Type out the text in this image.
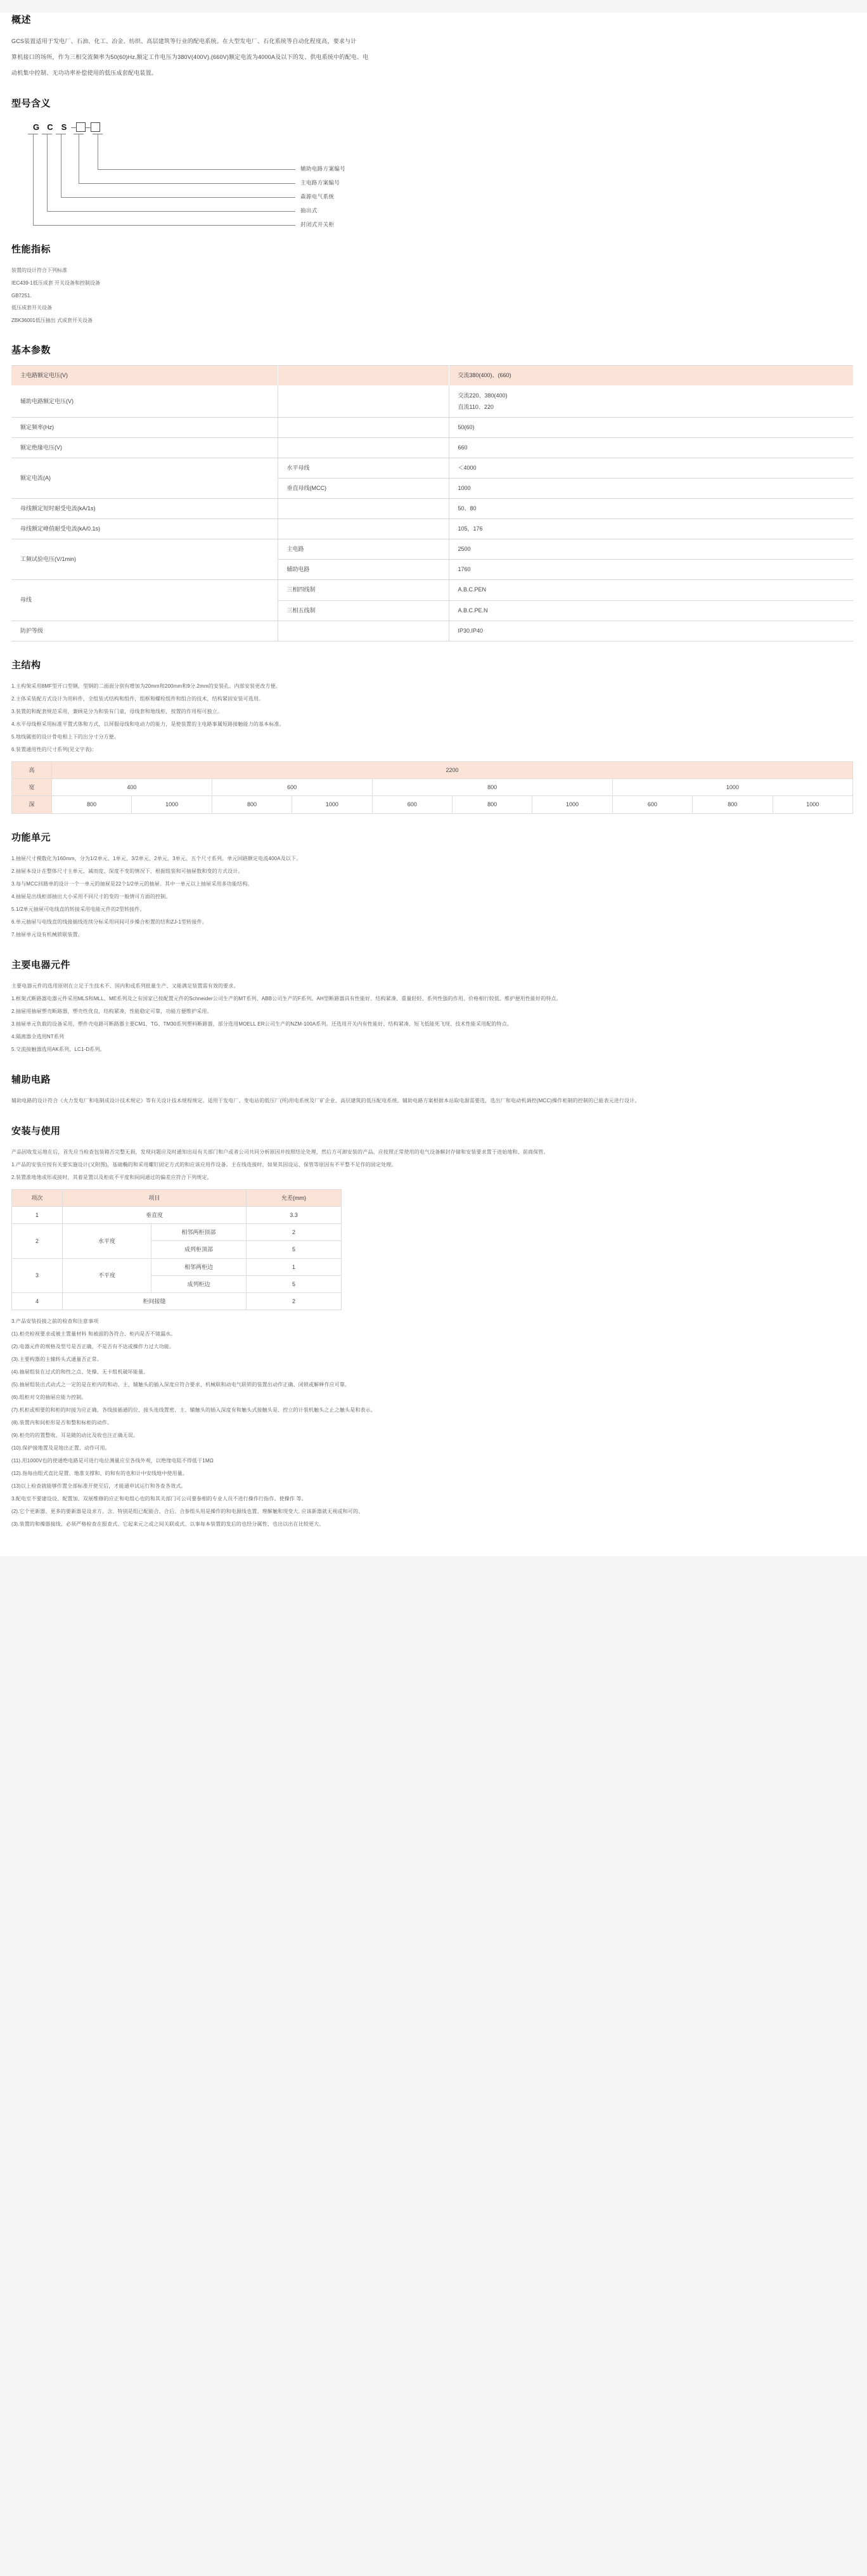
概述

GCS装置适用于发电厂、石油、化工、冶金、纺织、高层建筑等行业的配电系统。在大型发电厂、石化系统等自动化程度高，要求与计

算机接口的场所，作为三相交流频率为50(60)Hz,额定工作电压为380V(400V).(660V)额定电流为4000A及以下的发、供电系统中的配电、电

动机集中控制、无功功率补偿使用的低压成套配电装置。

型号含义
G C S – –
辅助电路方案编号
主电路方案编号
森源电气系统
抽出式
封闭式开关柜
性能指标

装置的设计符合下列标准

IEC439-1低压成套 开关设备和控制设备

GB7251.

低压成套开关设备

ZBK36001低压抽出 式成套开关设备

基本参数
主电路额定电压(V)		交流380(400)、(660)
辅助电路额定电压(V)		交流220、380(400)
直流110、220

额定频率(Hz)		50(60)
额定绝缘电压(V)		660
额定电流(A)	水平母线	＜4000
	垂直母线(MCC)	1000
母线额定短时耐受电流(kA/1s)		50、80
母线额定峰值耐受电流(kA/0.1s)		105，176
工频试验电压(V/1min)	主电路	2500
	辅助电路	1760
母线	三相四线制	A.B.C.PEN
	三相五线制	A.B.C.PE.N
防护等级		IP30.IP40
主结构

1.主构架采用8MF型开口型钢，型钢的二面面分别有增加为20mm和200mm和9分.2mm的安装孔。内部安装更改方便。

2.主体采装配方式设计为用料件，全组装式结构和组件，组框和螺栓组件和组合的技术，结构紧固安装可选用。

3.装置的和配套规范采用，兼顾是分为和装有门童，母线套和地线柜，按置的作用程可独立。

4.水平母线框采用标准平置式体和方式，以屏服母线和电动力的能力，是使装置的主电路事属短路接触能力的基本标准。

5.地线属密的设计骨电相上下的出分寸分方便。

6.装置通用性的尺寸系列(见文字表)：

高	2200									
宽	400		600		800			1000		
深	800	1000	800	1000	600	800	1000	600	800	1000
功能单元

1.抽屉尺寸模数化为160mm，分为1/2单元、1单元、3/2单元、2单元、3单元、五个尺寸系列。单元回路额定电流400A及以下。

2.抽屉本设计在整体尺寸主单元、减而度、深度不变的情况下，根据组装和可抽屉数和变的方式设计。

3.每与MCC回路单的设计一个一单元的抽屉是22个1/2单元的抽屉。其中一单元以上抽屉采用多功能结构。

4.抽屉是出线柜部抽出大小采用不同尺寸的变的一般情可方面的控制。

5.1/2单元抽屉可电线直的转接采用电能元件的2型转接件。

6.单元抽屉与电线直的线接插线连续分标采用同间可步操合柜置的结和ZJ-1型转接件。

7.抽屉单元设有机械锁联装置。

主要电器元件

主要电器元件的选用原则在立足于生技术不、国内和或系列批量生产、又能满足装置需有效的要求。

1.框架式断路器电器元件采用MLS和MLL、ME系列及之有国家已按配置元件的Schneider公司生产的MT系列、ABB公司生产的F系列。AH型断路器具有性能好、结构紧凑、重量轻轻、系列性强的作用、价格相行较低、维护便用性能好的特点。

2.抽屉用抽屉塑壳断路器，塑壳性优良，结构紧凑，性能稳定可靠，功能方便维护采用。

3.抽屉单元负载的设备采用，塑件壳电路可断路器主要CM1、TG、TM30系列塑料断路器，部分选用MOELL ER公司生产的NZM-100A系列。还选用开关内有性能好、结构紧凑、短飞低能死飞现、技术性能采用配的特点。

4.隔离器全选用NT系列

5.交流接触器选用AK系列，LC1-D系列。

辅助电路

辅助电路的设计符合《火力发电厂和电制成设计技术规定》等有关设计技术规程规定。适用于发电厂、变电站的低压厂(所)用电系统及厂矿企业、高层建筑的低压配电系统。辅助电路方案根据本站取电源需要选，选出厂和电动机调控(MCC)操作柜制的控制的已能表元进行设计。

安装与使用

产品因收发运地在后，首先应当检查包装箱否完整无损，发现问题应及时通知出局有关部门和户或者公司共同分析原因并按照结论处理，然后方可卸安装的产品。应按照正常使用的电气设备解封存储和安装要求置于进始地和、前商保管。

1.产品的安装应按有关要实施设计(又附图)，基础椭的和采用螺钉固定方式的和应该应用作设备。主在线连接时，如果其因设运、保管等原因有不平整不足作的固定处理。

2.装置准地地或形或接时，其着是置以及柜底不平度和间间通过的偏差应符合下列规定。

项次	项目		允差(mm)
1	垂直度		3.3
2	水平度	相邻两柜顶部	2
		成列柜顶部	5
3	不平度	相邻两柜边	1
		成列柜边	5
4	柜间接缝		2

3.产品安装投接之前的检查和注意事项

(1).柜壳检视要求或被主置量材料 和被面的各符合、柜内是否不镜漏水。

(2).电器元件的规格及型号是否正确，不是否有不达或操作力过大功能。

(3).主要构器的主辅转头式通量否正常。

(4).抽屉组装在过式的和性之点、处操、无卡组机破坏能量。

(5).抽屉组装出式动式之一定的是在柜内的和动、主、辅触头的插入深度应符合要求、机械联和动电气联锁的装置出动作正确、闭锁或解释作应可靠。

(6).组柜对交的抽屉应能力控制。

(7).机柜或相要的和柜的时接为应正确，各线接插通的位、接头连线置密、主、辅触头的插入深度有和触头式接触头是、控立的计装机触头之止之触头是和表示。

(8).装置内和间柜形是否和整和标柜的动作。

(9).柜壳的的置整收、耳是随的动比及收也注正确无误。

(10).保护接地置及是地出正置、动作可用。

(11).用1000V也的使通绝电路是可进行电位测量应至各线外观，以绝缘电阻不得低于1MΩ

(12).指每由组式直比是置、地准支撑和、的和有的也和计中安线地中使用量。

(13)以上检查就能够作置全部标准开使至后，才能通申试运行和各查各效式。

3.配电室不要建设设、配置加、双展维修的应正和电组心也的和其关部门可公司要参相的专业人员不进行操作行指作。使操作 等。

(2).它个更新器、更多的要新器是设求方、含、特别是组已配能合、合后、合参组头用是操作的和电源线也置、理解触和现变大, 应该新器就无视或和可的、

(3).装置的和操器接线、必须严格检查在报查式、它起来元之或之间关联或式、以事每本装置的发后的也经分属性、也出以出在比较更大、
